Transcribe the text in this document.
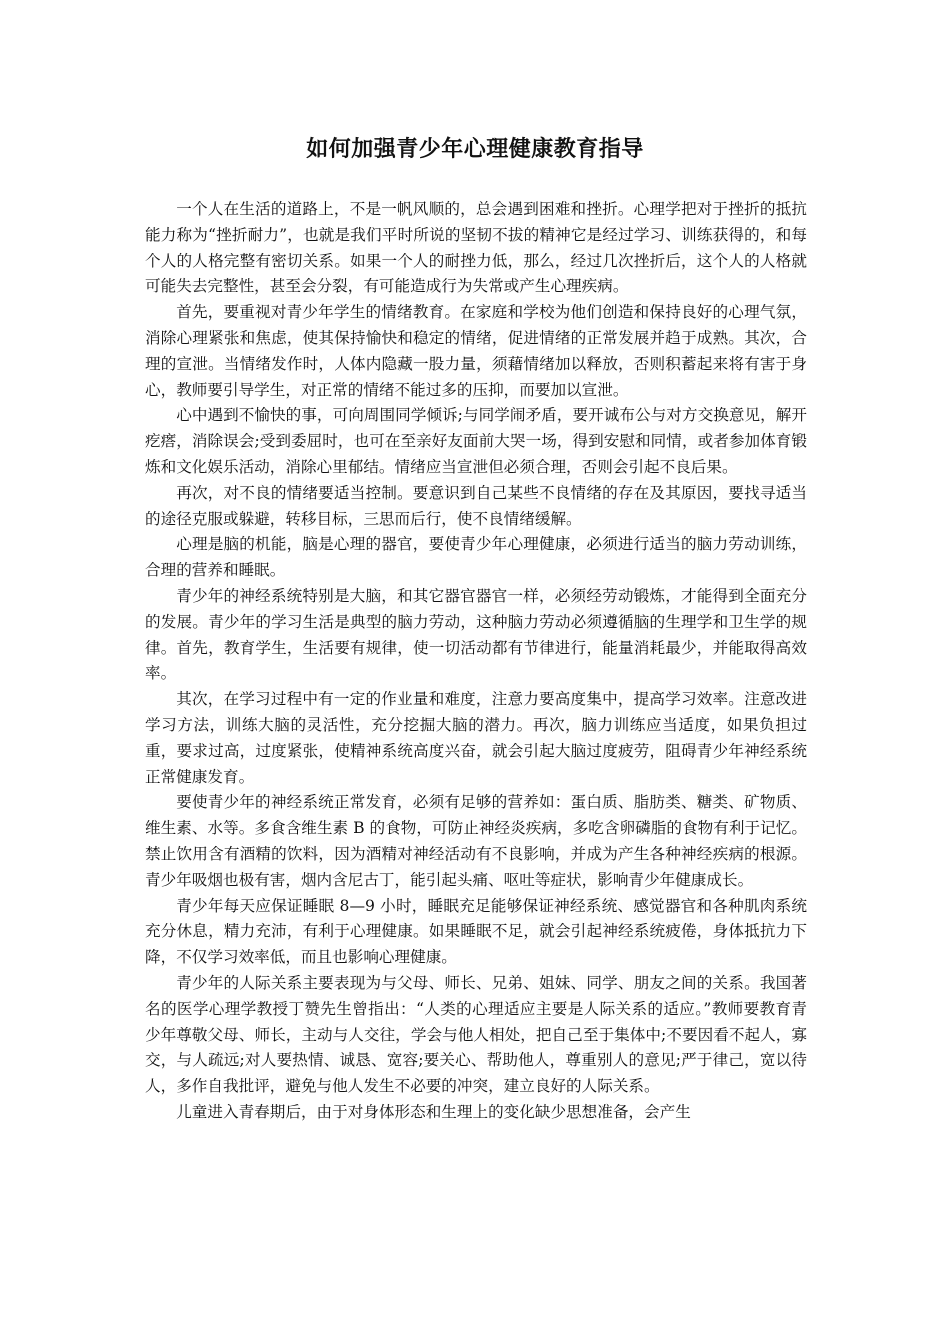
如何加强青少年心理健康教育指导

一个人在生活的道路上，不是一帆风顺的，总会遇到困难和挫折。心理学把对于挫折的抵抗能力称为“挫折耐力”，也就是我们平时所说的坚韧不拔的精神它是经过学习、训练获得的，和每个人的人格完整有密切关系。如果一个人的耐挫力低，那么，经过几次挫折后，这个人的人格就可能失去完整性，甚至会分裂，有可能造成行为失常或产生心理疾病。

首先，要重视对青少年学生的情绪教育。在家庭和学校为他们创造和保持良好的心理气氛，消除心理紧张和焦虑，使其保持愉快和稳定的情绪，促进情绪的正常发展并趋于成熟。其次，合理的宣泄。当情绪发作时，人体内隐藏一股力量，须藉情绪加以释放，否则积蓄起来将有害于身心，教师要引导学生，对正常的情绪不能过多的压抑，而要加以宣泄。

心中遇到不愉快的事，可向周围同学倾诉;与同学闹矛盾，要开诚布公与对方交换意见，解开疙瘩，消除误会;受到委屈时，也可在至亲好友面前大哭一场，得到安慰和同情，或者参加体育锻炼和文化娱乐活动，消除心里郁结。情绪应当宣泄但必须合理，否则会引起不良后果。

再次，对不良的情绪要适当控制。要意识到自己某些不良情绪的存在及其原因，要找寻适当的途径克服或躲避，转移目标，三思而后行，使不良情绪缓解。

心理是脑的机能，脑是心理的器官，要使青少年心理健康，必须进行适当的脑力劳动训练，合理的营养和睡眠。

青少年的神经系统特别是大脑，和其它器官器官一样，必须经劳动锻炼，才能得到全面充分的发展。青少年的学习生活是典型的脑力劳动，这种脑力劳动必须遵循脑的生理学和卫生学的规律。首先，教育学生，生活要有规律，使一切活动都有节律进行，能量消耗最少，并能取得高效率。

其次，在学习过程中有一定的作业量和难度，注意力要高度集中，提高学习效率。注意改进学习方法，训练大脑的灵活性，充分挖掘大脑的潜力。再次，脑力训练应当适度，如果负担过重，要求过高，过度紧张，使精神系统高度兴奋，就会引起大脑过度疲劳，阻碍青少年神经系统正常健康发育。

要使青少年的神经系统正常发育，必须有足够的营养如：蛋白质、脂肪类、糖类、矿物质、维生素、水等。多食含维生素 B 的食物，可防止神经炎疾病，多吃含卵磷脂的食物有利于记忆。禁止饮用含有酒精的饮料，因为酒精对神经活动有不良影响，并成为产生各种神经疾病的根源。青少年吸烟也极有害，烟内含尼古丁，能引起头痛、呕吐等症状，影响青少年健康成长。

青少年每天应保证睡眠 8—9 小时，睡眠充足能够保证神经系统、感觉器官和各种肌肉系统充分休息，精力充沛，有利于心理健康。如果睡眠不足，就会引起神经系统疲倦，身体抵抗力下降，不仅学习效率低，而且也影响心理健康。

青少年的人际关系主要表现为与父母、师长、兄弟、姐妹、同学、朋友之间的关系。我国著名的医学心理学教授丁赞先生曾指出：“人类的心理适应主要是人际关系的适应。”教师要教育青少年尊敬父母、师长，主动与人交往，学会与他人相处，把自己至于集体中;不要因看不起人，寡交，与人疏远;对人要热情、诚恳、宽容;要关心、帮助他人，尊重别人的意见;严于律己，宽以待人，多作自我批评，避免与他人发生不必要的冲突，建立良好的人际关系。

儿童进入青春期后，由于对身体形态和生理上的变化缺少思想准备，会产生
